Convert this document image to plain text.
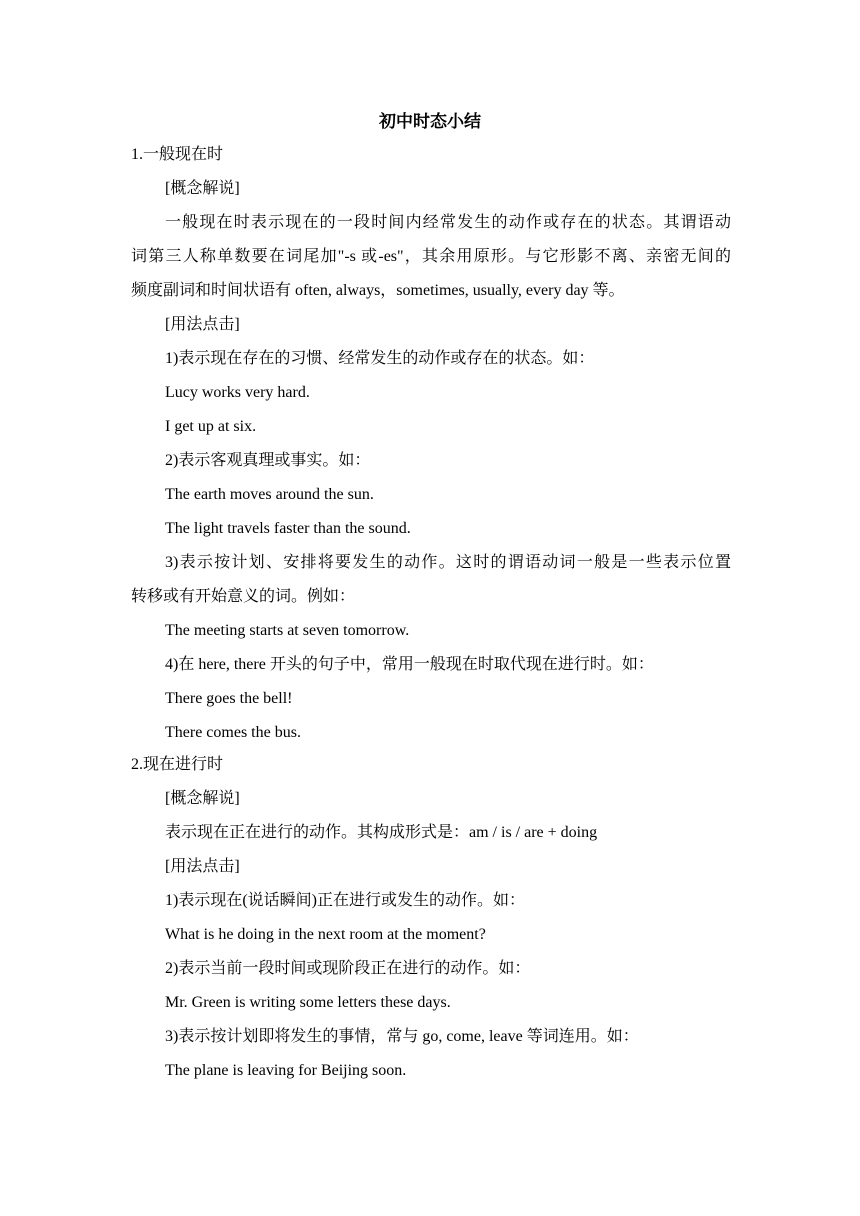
初中时态小结
1.一般现在时
[概念解说]
一般现在时表示现在的一段时间内经常发生的动作或存在的状态。其谓语动
词第三人称单数要在词尾加"-s 或-es"，其余用原形。与它形影不离、亲密无间的
频度副词和时间状语有 often, always，sometimes, usually, every day 等。
[用法点击]
1)表示现在存在的习惯、经常发生的动作或存在的状态。如：
Lucy works very hard.
I get up at six.
2)表示客观真理或事实。如：
The earth moves around the sun.
The light travels faster than the sound.
3)表示按计划、安排将要发生的动作。这时的谓语动词一般是一些表示位置
转移或有开始意义的词。例如：
The meeting starts at seven tomorrow.
4)在 here, there 开头的句子中，常用一般现在时取代现在进行时。如：
There goes the bell!
There comes the bus.
2.现在进行时
[概念解说]
表示现在正在进行的动作。其构成形式是：am / is / are + doing
[用法点击]
1)表示现在(说话瞬间)正在进行或发生的动作。如：
What is he doing in the next room at the moment?
2)表示当前一段时间或现阶段正在进行的动作。如：
Mr. Green is writing some letters these days.
3)表示按计划即将发生的事情，常与 go, come, leave 等词连用。如：
The plane is leaving for Beijing soon.
